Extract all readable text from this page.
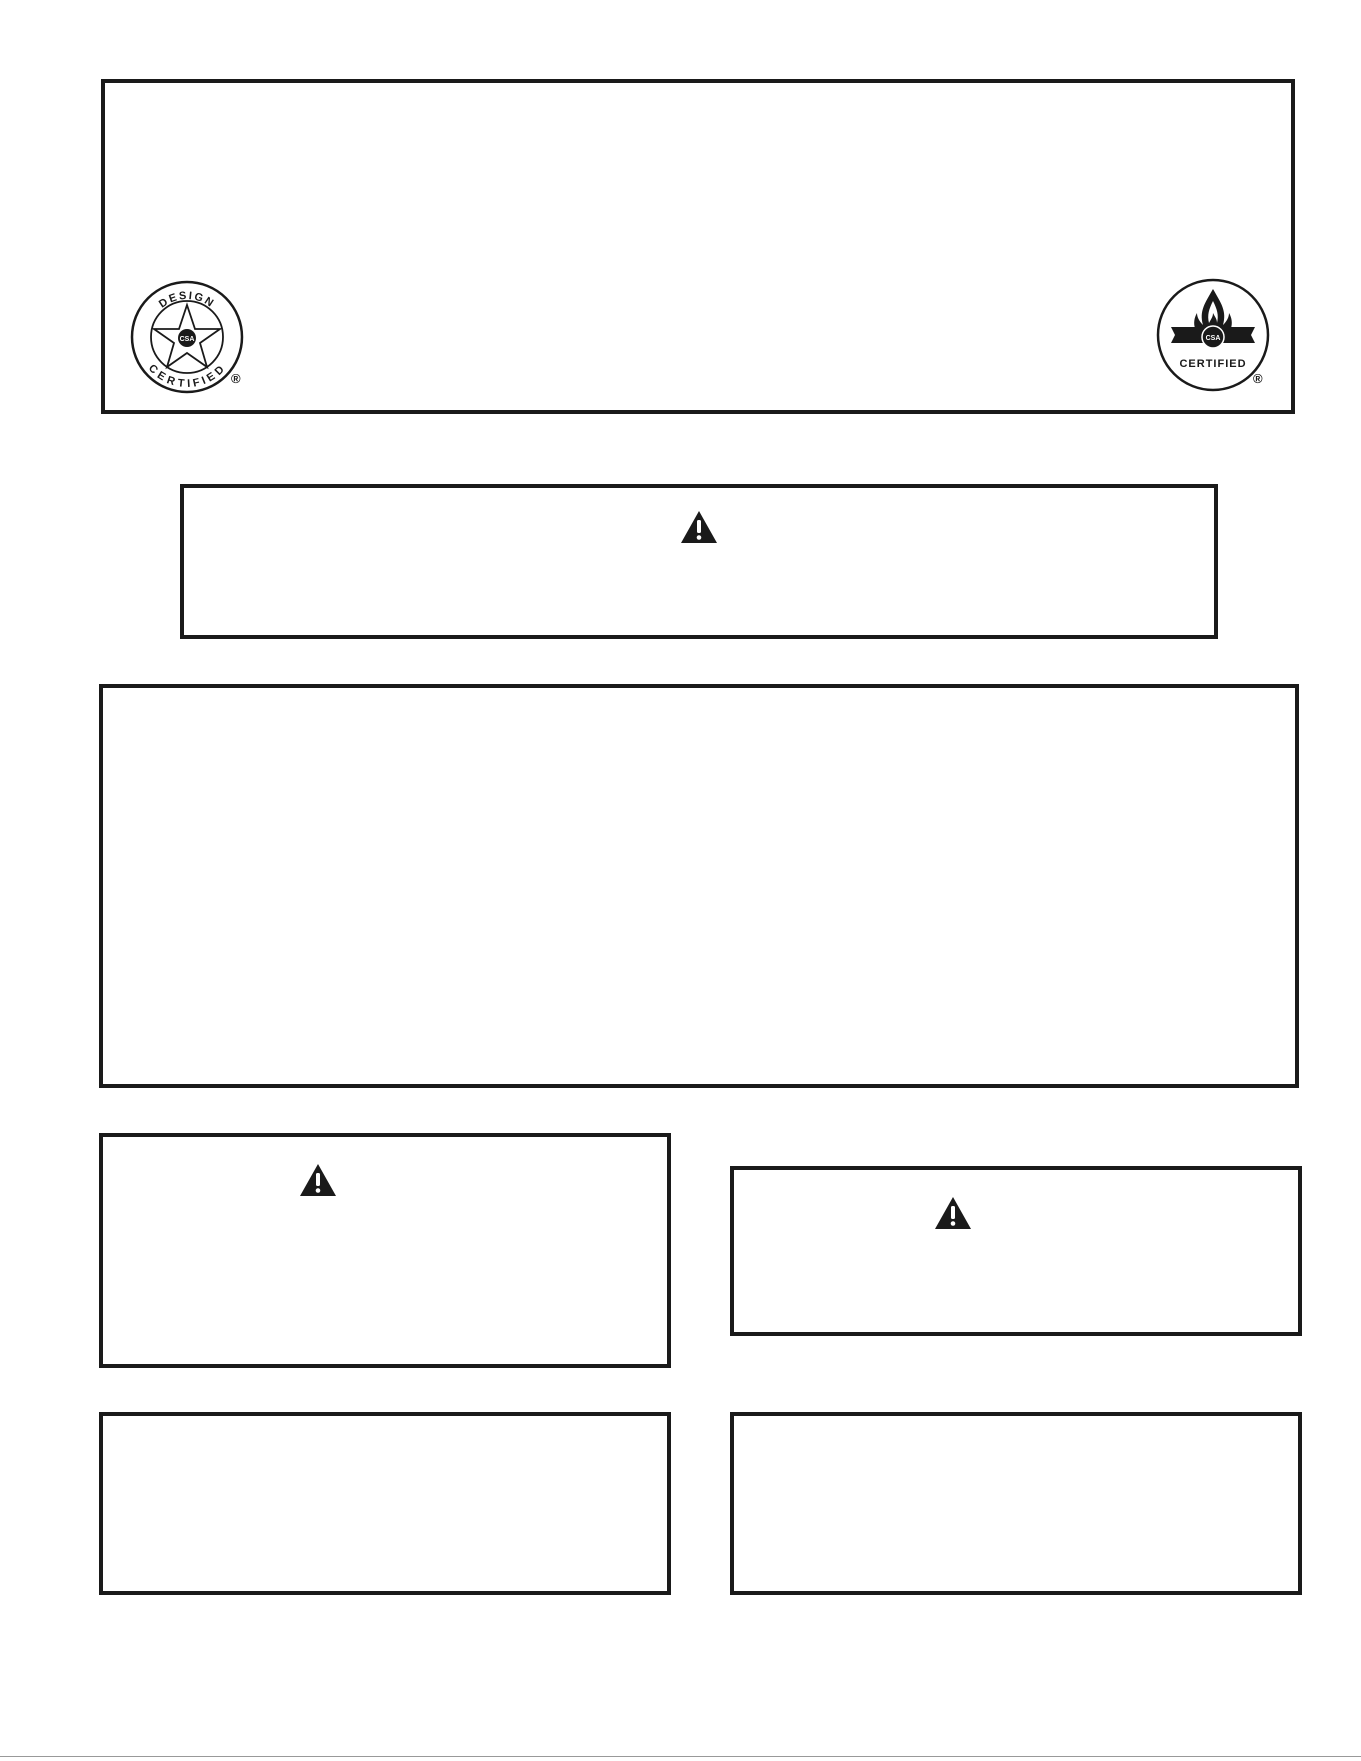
CSA
DESIGN
CERTIFIED
®
CSA
CERTIFIED
®
